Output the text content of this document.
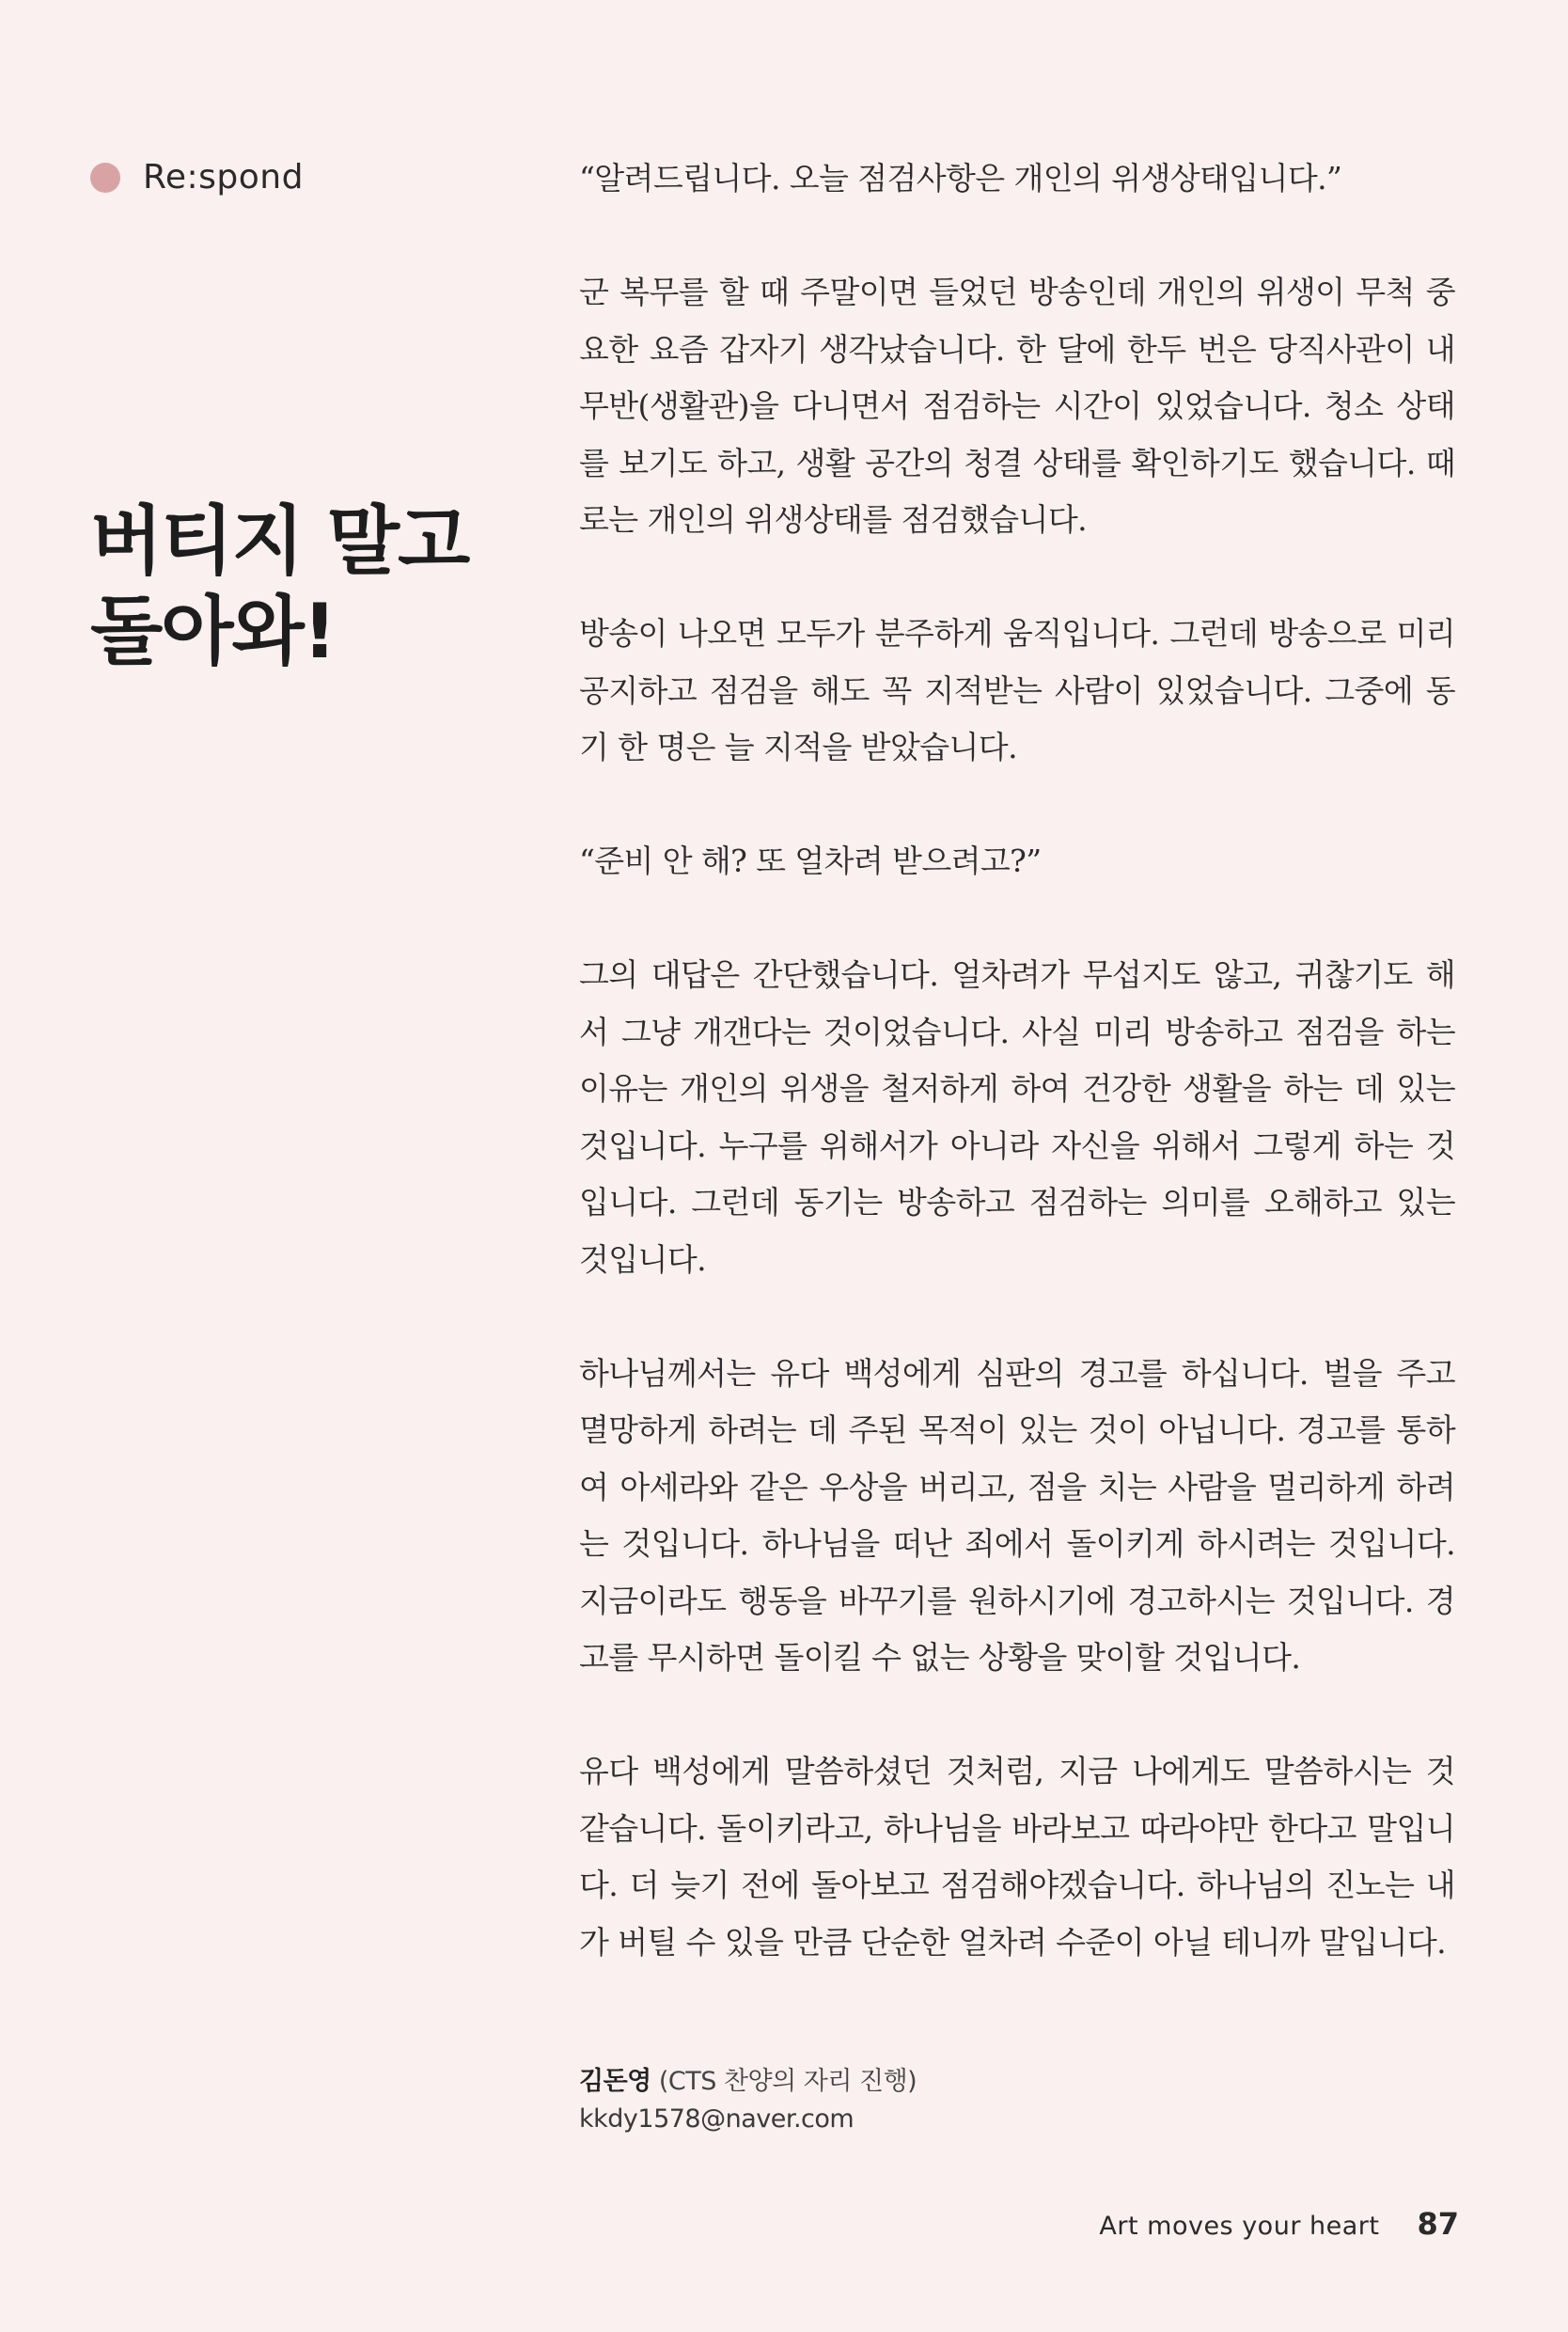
Re:spond
버티지 말고
돌아와!

“알려드립니다. 오늘 점검사항은 개인의 위생상태입니다.”

군 복무를 할 때 주말이면 들었던 방송인데 개인의 위생이 무척 중요한 요즘 갑자기 생각났습니다. 한 달에 한두 번은 당직사관이 내무반(생활관)을 다니면서 점검하는 시간이 있었습니다. 청소 상태를 보기도 하고, 생활 공간의 청결 상태를 확인하기도 했습니다. 때로는 개인의 위생상태를 점검했습니다.

방송이 나오면 모두가 분주하게 움직입니다. 그런데 방송으로 미리 공지하고 점검을 해도 꼭 지적받는 사람이 있었습니다. 그중에 동기 한 명은 늘 지적을 받았습니다.

“준비 안 해? 또 얼차려 받으려고?”

그의 대답은 간단했습니다. 얼차려가 무섭지도 않고, 귀찮기도 해서 그냥 개갠다는 것이었습니다. 사실 미리 방송하고 점검을 하는 이유는 개인의 위생을 철저하게 하여 건강한 생활을 하는 데 있는 것입니다. 누구를 위해서가 아니라 자신을 위해서 그렇게 하는 것입니다. 그런데 동기는 방송하고 점검하는 의미를 오해하고 있는 것입니다.

하나님께서는 유다 백성에게 심판의 경고를 하십니다. 벌을 주고 멸망하게 하려는 데 주된 목적이 있는 것이 아닙니다. 경고를 통하여 아세라와 같은 우상을 버리고, 점을 치는 사람을 멀리하게 하려는 것입니다. 하나님을 떠난 죄에서 돌이키게 하시려는 것입니다. 지금이라도 행동을 바꾸기를 원하시기에 경고하시는 것입니다. 경고를 무시하면 돌이킬 수 없는 상황을 맞이할 것입니다.

유다 백성에게 말씀하셨던 것처럼, 지금 나에게도 말씀하시는 것 같습니다. 돌이키라고, 하나님을 바라보고 따라야만 한다고 말입니다. 더 늦기 전에 돌아보고 점검해야겠습니다. 하나님의 진노는 내가 버틸 수 있을 만큼 단순한 얼차려 수준이 아닐 테니까 말입니다.

김돈영 (CTS 찬양의 자리 진행)
kkdy1578@naver.com
Art moves your heart 87
